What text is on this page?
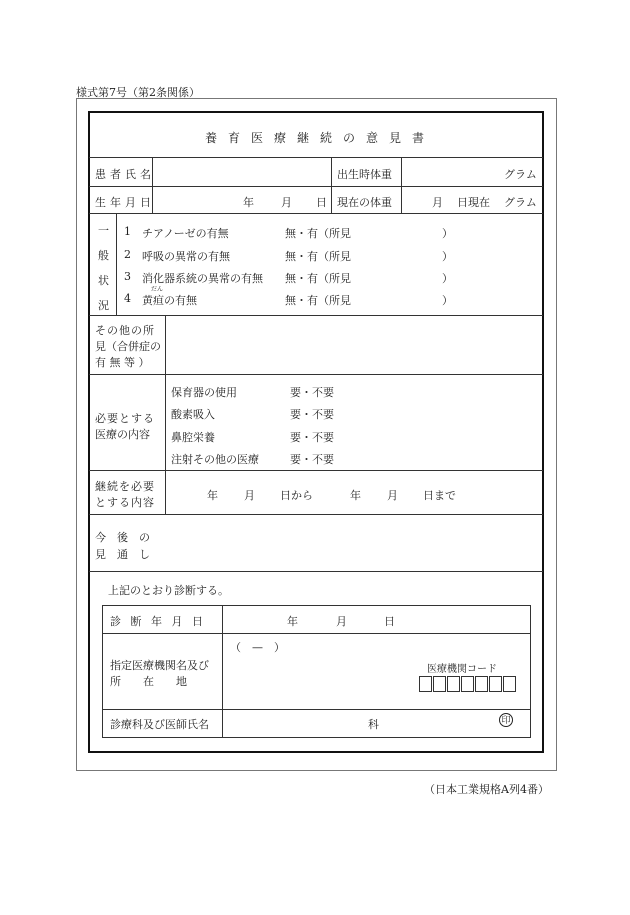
様式第7号（第2条関係）
養育医療継続の意見書
患者氏名	出生時体重	グラム
生年月日	年 月 日 現在の体重	月 日現在 グラム
一
般
状
況
1 チアノーゼの有無	無・有（所見	）
2 呼吸の異常の有無	無・有（所見	）
3 消化器系統の異常の有無 無・有（所見	）
だん
4 黄疸の有無	無・有（所見	）
その他の所
見（合併症の
有 無 等 ）
必要とする
医療の内容
保育器の使用	要・不要
酸素吸入	要・不要
鼻腔栄養	要・不要
注射その他の医療	要・不要
継続を必要
とする内容
年 月 日から	年 月 日まで
今　後　の
見　通　し
上記のとおり診断する。
診 断 年 月 日	年	月	日
指定医療機関名及び
所　　在　　地
（　—　）
医療機関コード
診療科及び医師氏名	科	印
（日本工業規格A列4番）
